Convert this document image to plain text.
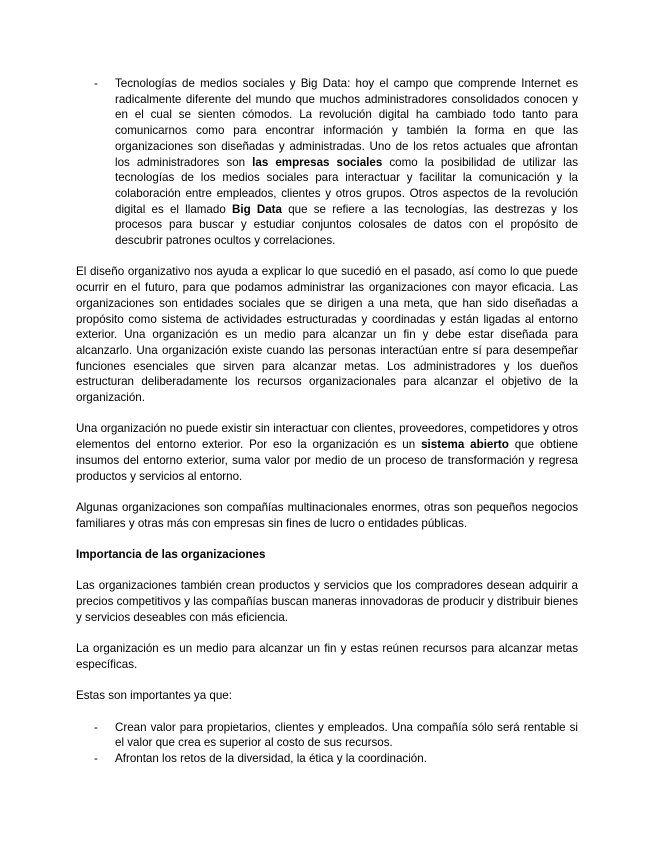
- Tecnologías de medios sociales y Big Data: hoy el campo que comprende Internet es radicalmente diferente del mundo que muchos administradores consolidados conocen y en el cual se sienten cómodos. La revolución digital ha cambiado todo tanto para comunicarnos como para encontrar información y también la forma en que las organizaciones son diseñadas y administradas. Uno de los retos actuales que afrontan los administradores son las empresas sociales como la posibilidad de utilizar las tecnologías de los medios sociales para interactuar y facilitar la comunicación y la colaboración entre empleados, clientes y otros grupos. Otros aspectos de la revolución digital es el llamado Big Data que se refiere a las tecnologías, las destrezas y los procesos para buscar y estudiar conjuntos colosales de datos con el propósito de descubrir patrones ocultos y correlaciones.

El diseño organizativo nos ayuda a explicar lo que sucedió en el pasado, así como lo que puede ocurrir en el futuro, para que podamos administrar las organizaciones con mayor eficacia. Las organizaciones son entidades sociales que se dirigen a una meta, que han sido diseñadas a propósito como sistema de actividades estructuradas y coordinadas y están ligadas al entorno exterior. Una organización es un medio para alcanzar un fin y debe estar diseñada para alcanzarlo. Una organización existe cuando las personas interactúan entre sí para desempeñar funciones esenciales que sirven para alcanzar metas. Los administradores y los dueños estructuran deliberadamente los recursos organizacionales para alcanzar el objetivo de la organización.

Una organización no puede existir sin interactuar con clientes, proveedores, competidores y otros elementos del entorno exterior. Por eso la organización es un sistema abierto que obtiene insumos del entorno exterior, suma valor por medio de un proceso de transformación y regresa productos y servicios al entorno.

Algunas organizaciones son compañías multinacionales enormes, otras son pequeños negocios familiares y otras más con empresas sin fines de lucro o entidades públicas.

Importancia de las organizaciones

Las organizaciones también crean productos y servicios que los compradores desean adquirir a precios competitivos y las compañías buscan maneras innovadoras de producir y distribuir bienes y servicios deseables con más eficiencia.

La organización es un medio para alcanzar un fin y estas reúnen recursos para alcanzar metas específicas.

Estas son importantes ya que:

- Crean valor para propietarios, clientes y empleados. Una compañía sólo será rentable si el valor que crea es superior al costo de sus recursos.
- Afrontan los retos de la diversidad, la ética y la coordinación.
